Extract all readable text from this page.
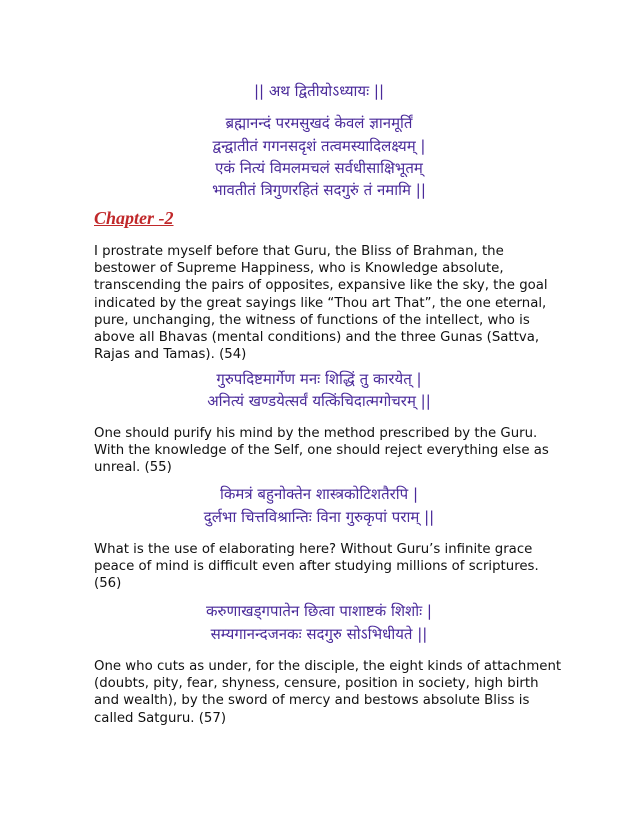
|| अथ द्वितीयोऽध्यायः ||
ब्रह्मानन्दं परमसुखदं केवलं ज्ञानमूर्तिं
द्वन्द्वातीतं गगनसदृशं तत्वमस्यादिलक्ष्यम् |
एकं नित्यं विमलमचलं सर्वधीसाक्षिभूतम्
भावतीतं त्रिगुणरहितं सदगुरुं तं नमामि ||
Chapter -2
I prostrate myself before that Guru, the Bliss of Brahman, the
bestower of Supreme Happiness, who is Knowledge absolute,
transcending the pairs of opposites, expansive like the sky, the goal
indicated by the great sayings like “Thou art That”, the one eternal,
pure, unchanging, the witness of functions of the intellect, who is
above all Bhavas (mental conditions) and the three Gunas (Sattva,
Rajas and Tamas). (54)
गुरुपदिष्टमार्गेण मनः शिद्धिं तु कारयेत् |
अनित्यं खण्डयेत्सर्वं यत्किंचिदात्मगोचरम् ||
One should purify his mind by the method prescribed by the Guru.
With the knowledge of the Self, one should reject everything else as
unreal. (55)
किमत्रं बहुनोक्तेन शास्त्रकोटिशतैरपि |
दुर्लभा चित्तविश्रान्तिः विना गुरुकृपां पराम् ||
What is the use of elaborating here? Without Guru’s infinite grace
peace of mind is difficult even after studying millions of scriptures.
(56)
करुणाखड्गपातेन छित्वा पाशाष्टकं शिशोः |
सम्यगानन्दजनकः सदगुरु सोऽभिधीयते ||
One who cuts as under, for the disciple, the eight kinds of attachment
(doubts, pity, fear, shyness, censure, position in society, high birth
and wealth), by the sword of mercy and bestows absolute Bliss is
called Satguru. (57)
